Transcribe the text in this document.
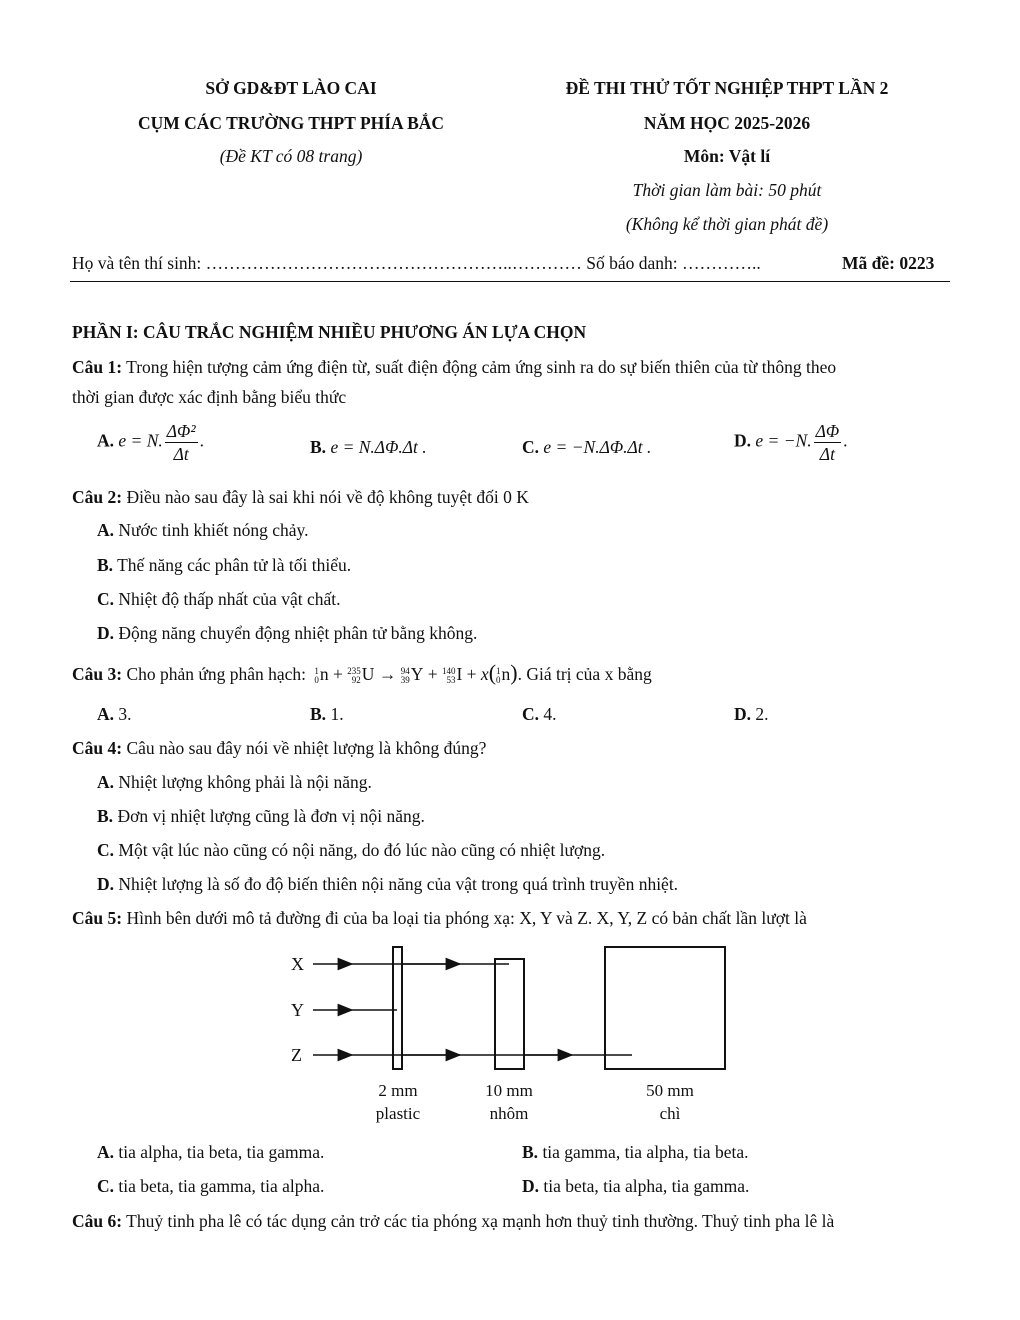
SỞ GD&ĐT LÀO CAI
CỤM CÁC TRƯỜNG THPT PHÍA BẮC
(Đề KT có 08 trang)
ĐỀ THI THỬ TỐT NGHIỆP THPT LẦN 2
NĂM HỌC 2025-2026
Môn: Vật lí
Thời gian làm bài: 50 phút
(Không kể thời gian phát đề)
Họ và tên thí sinh: ……………………………………………..………… Số báo danh: …………..	Mã đề: 0223
PHẦN I: CÂU TRẮC NGHIỆM NHIỀU PHƯƠNG ÁN LỰA CHỌN
Câu 1: Trong hiện tượng cảm ứng điện từ, suất điện động cảm ứng sinh ra do sự biến thiên của từ thông theo
thời gian được xác định bằng biểu thức
A. e = N. $\frac{\text{ΔΦ²}}{\Delta t}$ .	B. e = N.ΔΦ.Δt .	C. e = −N.ΔΦ.Δt .	D. e = −N. $\frac{\Delta\Phi}{\Delta t}$ .
Câu 2: Điều nào sau đây là sai khi nói về độ không tuyệt đối 0 K
A. Nước tinh khiết nóng chảy.
B. Thế năng các phân tử là tối thiểu.
C. Nhiệt độ thấp nhất của vật chất.
D. Động năng chuyển động nhiệt phân tử bằng không.
Câu 3: Cho phản ứng phân hạch: 1
0 n + 235
92 U → 94
39 Y + 140
53 I + x( 1
0 n). Giá trị của x bằng
A. 3.	B. 1.	C. 4.	D. 2.
Câu 4: Câu nào sau đây nói về nhiệt lượng là không đúng?
A. Nhiệt lượng không phải là nội năng.
B. Đơn vị nhiệt lượng cũng là đơn vị nội năng.
C. Một vật lúc nào cũng có nội năng, do đó lúc nào cũng có nhiệt lượng.
D. Nhiệt lượng là số đo độ biến thiên nội năng của vật trong quá trình truyền nhiệt.
Câu 5: Hình bên dưới mô tả đường đi của ba loại tia phóng xạ: X, Y và Z. X, Y, Z có bản chất lần lượt là
X
Y
Z
2 mm
plastic
10 mm
nhôm
50 mm
chì
A. tia alpha, tia beta, tia gamma.	B. tia gamma, tia alpha, tia beta.
C. tia beta, tia gamma, tia alpha.	D. tia beta, tia alpha, tia gamma.
Câu 6: Thuỷ tinh pha lê có tác dụng cản trở các tia phóng xạ mạnh hơn thuỷ tinh thường. Thuỷ tinh pha lê là
